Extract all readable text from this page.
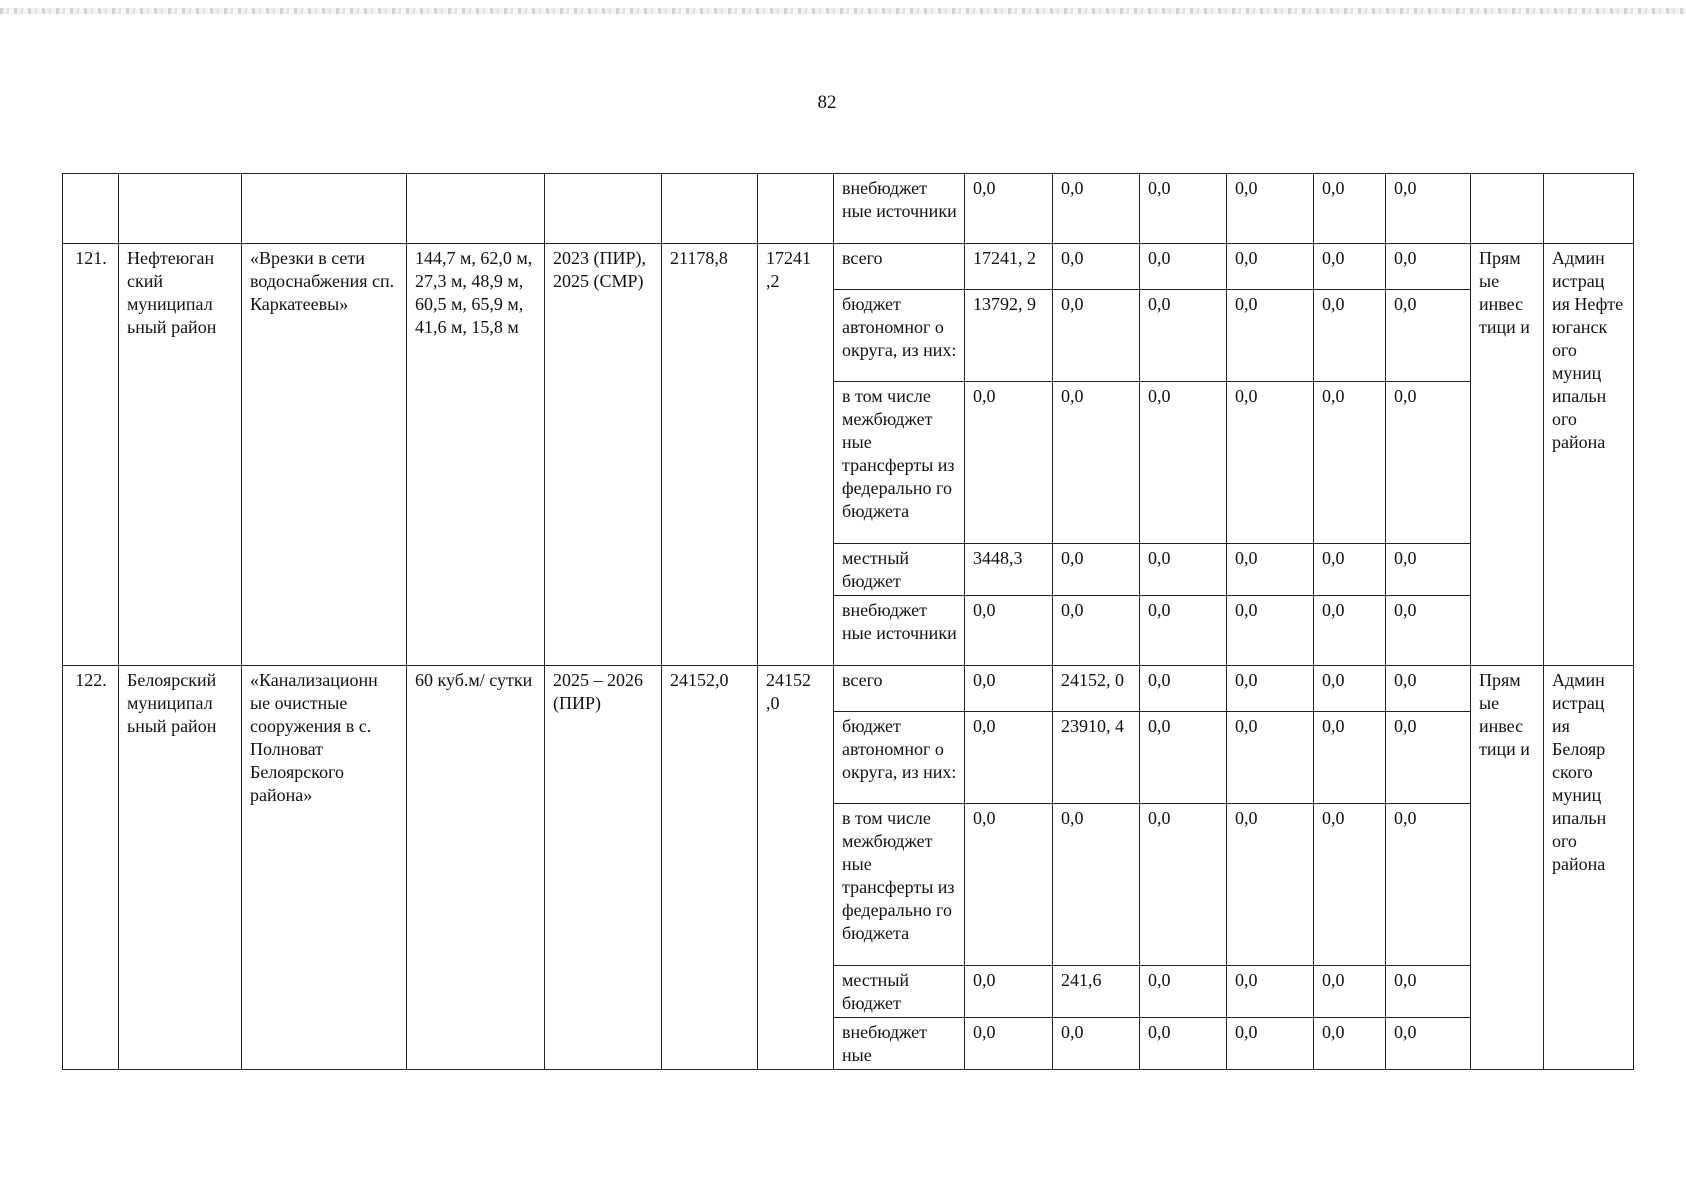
82
							внебюджет ные источники	0,0	0,0	0,0	0,0	0,0	0,0		
121.	Нефтеюган ский муниципал ьный район	«Врезки в сети водоснабжения сп. Каркатеевы»	144,7 м, 62,0 м, 27,3 м, 48,9 м, 60,5 м, 65,9 м, 41,6 м, 15,8 м	2023 (ПИР), 2025 (СМР)	21178,8	17241 ,2	всего	17241, 2	0,0	0,0	0,0	0,0	0,0	Прям ые инвес тици и	Админ истрац ия Нефте юганск ого муниц ипальн ого района
							бюджет автономног о округа, из них:	13792, 9	0,0	0,0	0,0	0,0	0,0		
							в том числе межбюджет ные трансферты из федерально го бюджета	0,0	0,0	0,0	0,0	0,0	0,0		
							местный бюджет	3448,3	0,0	0,0	0,0	0,0	0,0		
							внебюджет ные источники	0,0	0,0	0,0	0,0	0,0	0,0		
122.	Белоярский муниципал ьный район	«Канализационн ые очистные сооружения в с. Полноват Белоярского района»	60 куб.м/ сутки	2025 – 2026 (ПИР)	24152,0	24152 ,0	всего	0,0	24152, 0	0,0	0,0	0,0	0,0	Прям ые инвес тици и	Админ истрац ия Белояр ского муниц ипальн ого района
							бюджет автономног о округа, из них:	0,0	23910, 4	0,0	0,0	0,0	0,0		
							в том числе межбюджет ные трансферты из федерально го бюджета	0,0	0,0	0,0	0,0	0,0	0,0		
							местный бюджет	0,0	241,6	0,0	0,0	0,0	0,0		
							внебюджет ные	0,0	0,0	0,0	0,0	0,0	0,0		
